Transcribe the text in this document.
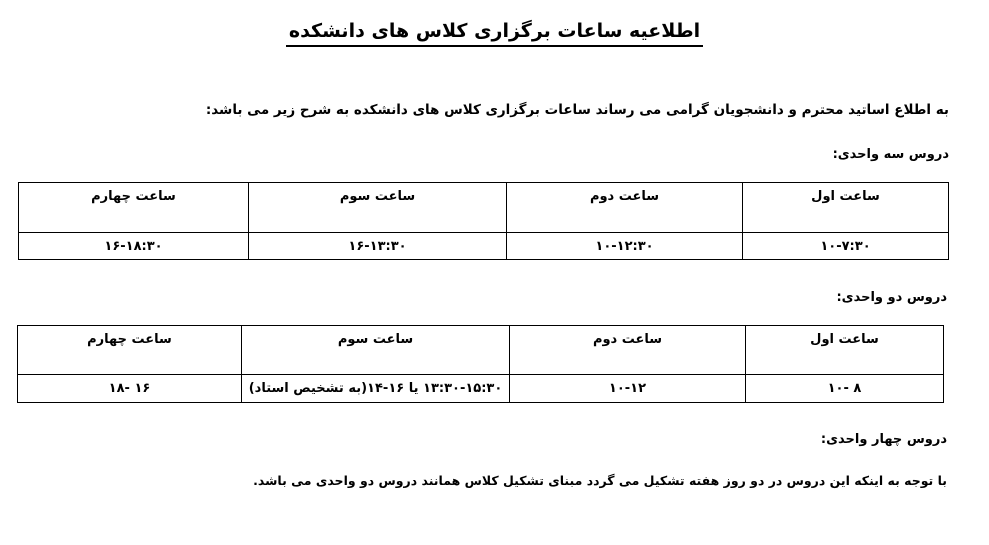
اطلاعیه ساعات برگزاری کلاس های دانشکده
به اطلاع اساتید محترم و دانشجویان گرامی می رساند ساعات برگزاری کلاس های دانشکده به شرح زیر می باشد:
دروس سه واحدی:
ساعت اول	ساعت دوم	ساعت سوم	ساعت چهارم
۱۰-۷:۳۰	۱۰-۱۲:۳۰	۱۶-۱۳:۳۰	۱۶-۱۸:۳۰
دروس دو واحدی:
ساعت اول	ساعت دوم	ساعت سوم	ساعت چهارم
۸ -۱۰	۱۰-۱۲	۱۳:۳۰-۱۵:۳۰ یا ۱۶-۱۴(به تشخیص استاد)	۱۶ -۱۸
دروس چهار واحدی:
با توجه به اینکه این دروس در دو روز هفته تشکیل می گردد مبنای تشکیل کلاس همانند دروس دو واحدی می باشد.
